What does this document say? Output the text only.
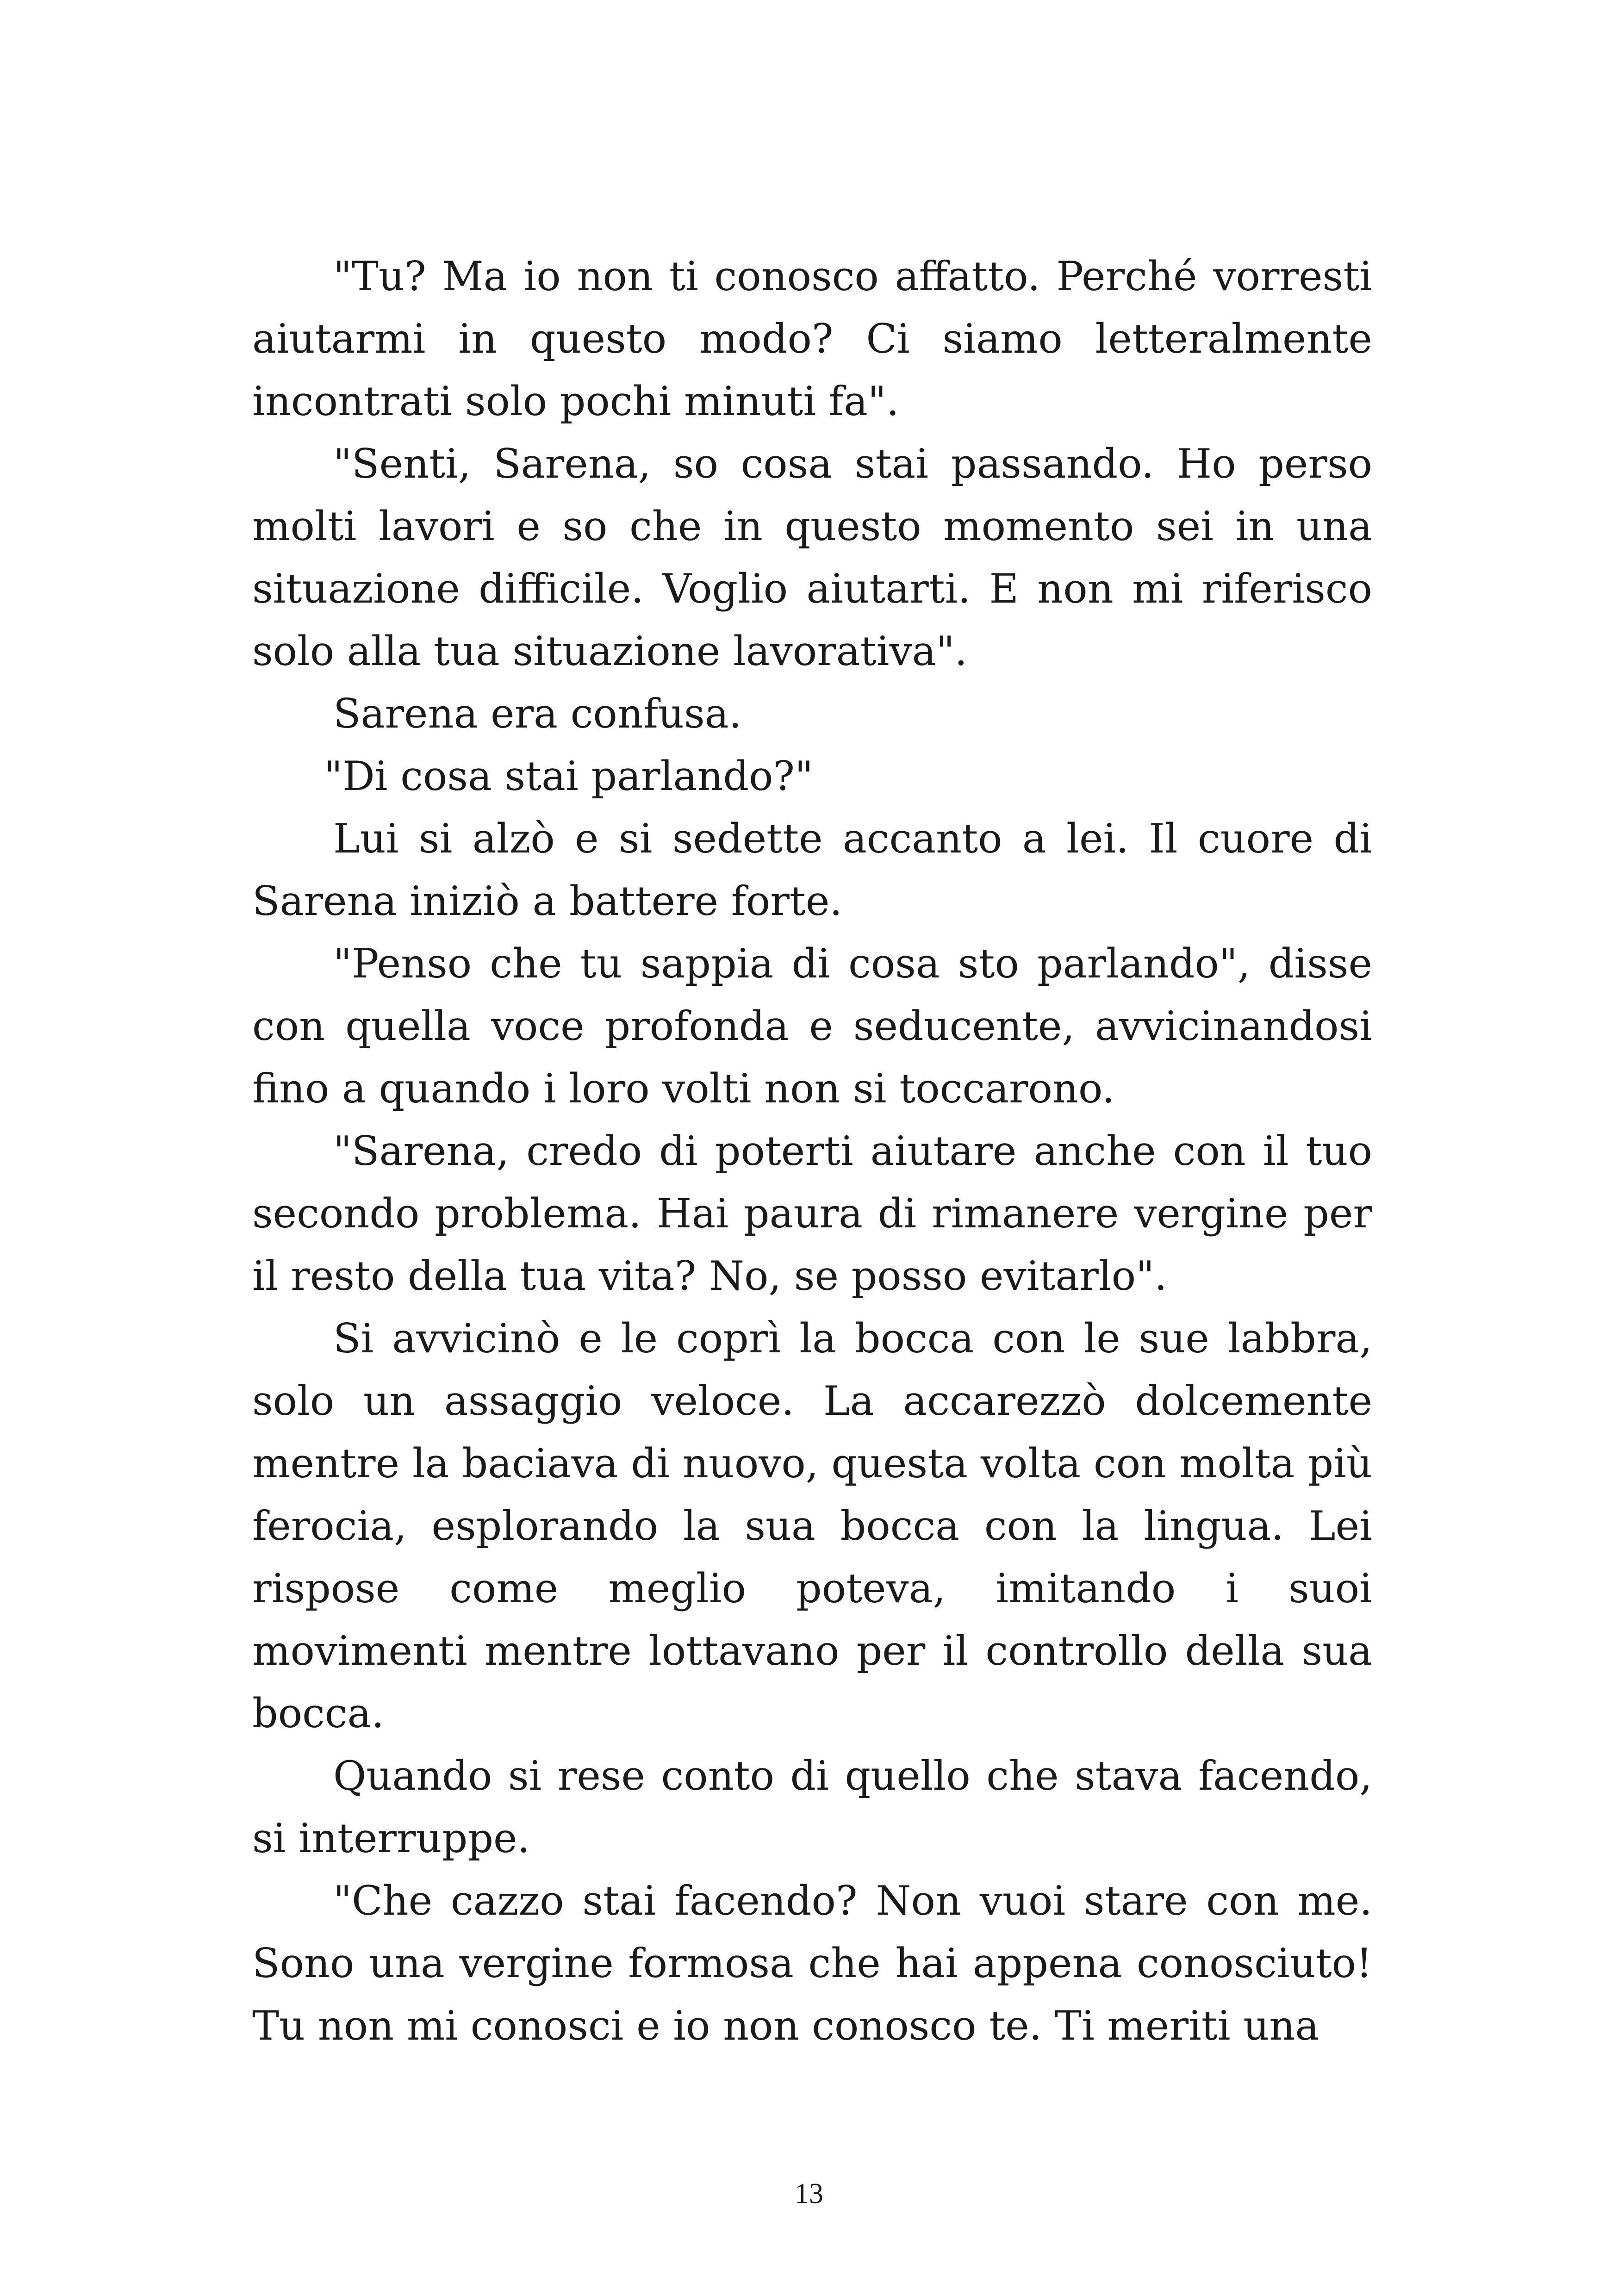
"Tu? Ma io non ti conosco affatto. Perché vorresti aiutarmi in questo modo? Ci siamo letteralmente incontrati solo pochi minuti fa".

"Senti, Sarena, so cosa stai passando. Ho perso molti lavori e so che in questo momento sei in una situazione difficile. Voglio aiutarti. E non mi riferisco solo alla tua situazione lavorativa".

Sarena era confusa.

"Di cosa stai parlando?"

Lui si alzò e si sedette accanto a lei. Il cuore di Sarena iniziò a battere forte.

"Penso che tu sappia di cosa sto parlando", disse con quella voce profonda e seducente, avvicinandosi fino a quando i loro volti non si toccarono.

"Sarena, credo di poterti aiutare anche con il tuo secondo problema. Hai paura di rimanere vergine per il resto della tua vita? No, se posso evitarlo".

Si avvicinò e le coprì la bocca con le sue labbra, solo un assaggio veloce. La accarezzò dolcemente mentre la baciava di nuovo, questa volta con molta più ferocia, esplorando la sua bocca con la lingua. Lei rispose come meglio poteva, imitando i suoi movimenti mentre lottavano per il controllo della sua bocca.

Quando si rese conto di quello che stava facendo, si interruppe.

"Che cazzo stai facendo? Non vuoi stare con me. Sono una vergine formosa che hai appena conosciuto! Tu non mi conosci e io non conosco te. Ti meriti una

13
